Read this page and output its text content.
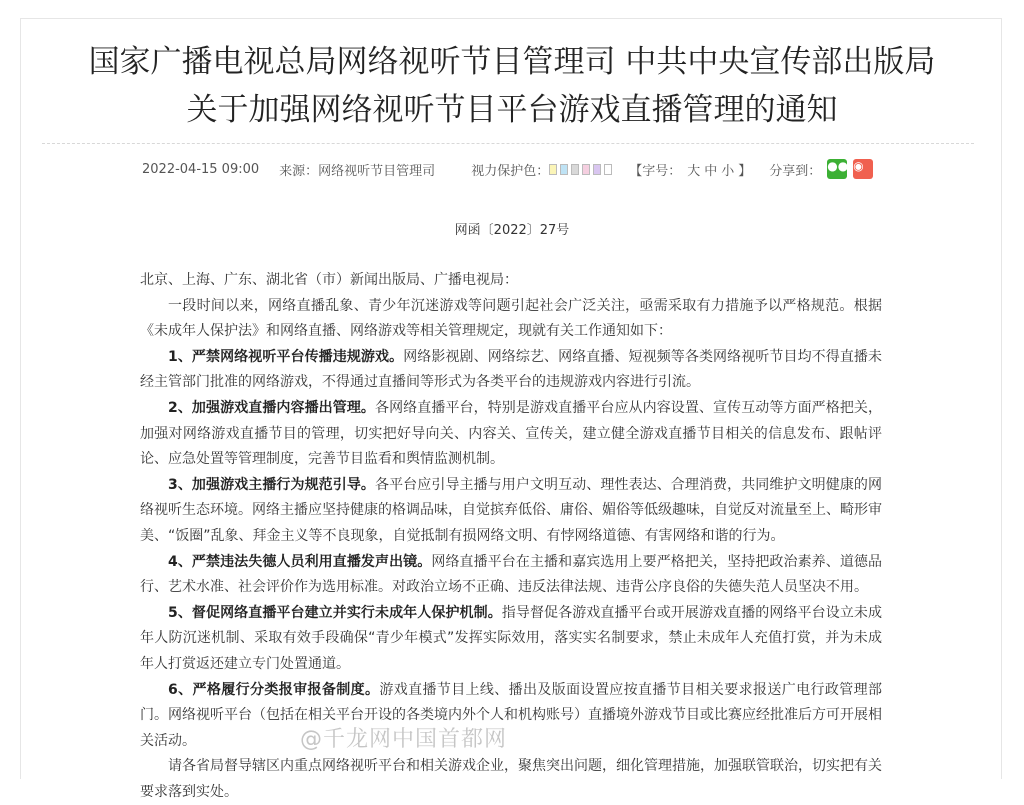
国家广播电视总局网络视听节目管理司 中共中央宣传部出版局
关于加强网络视听节目平台游戏直播管理的通知
2022-04-15 09:00 来源： 网络视听节目管理司	视力保护色：	【字号： 大 中 小 】 分享到： ●● ◉
网函〔2022〕27号

北京、上海、广东、湖北省（市）新闻出版局、广播电视局：

一段时间以来，网络直播乱象、青少年沉迷游戏等问题引起社会广泛关注，亟需采取有力措施予以严格规范。根据《未成年人保护法》和网络直播、网络游戏等相关管理规定，现就有关工作通知如下：

1、严禁网络视听平台传播违规游戏。网络影视剧、网络综艺、网络直播、短视频等各类网络视听节目均不得直播未经主管部门批准的网络游戏，不得通过直播间等形式为各类平台的违规游戏内容进行引流。

2、加强游戏直播内容播出管理。各网络直播平台，特别是游戏直播平台应从内容设置、宣传互动等方面严格把关，加强对网络游戏直播节目的管理，切实把好导向关、内容关、宣传关，建立健全游戏直播节目相关的信息发布、跟帖评论、应急处置等管理制度，完善节目监看和舆情监测机制。

3、加强游戏主播行为规范引导。各平台应引导主播与用户文明互动、理性表达、合理消费，共同维护文明健康的网络视听生态环境。网络主播应坚持健康的格调品味，自觉摈弃低俗、庸俗、媚俗等低级趣味，自觉反对流量至上、畸形审美、“饭圈”乱象、拜金主义等不良现象，自觉抵制有损网络文明、有悖网络道德、有害网络和谐的行为。

4、严禁违法失德人员利用直播发声出镜。网络直播平台在主播和嘉宾选用上要严格把关，坚持把政治素养、道德品行、艺术水准、社会评价作为选用标准。对政治立场不正确、违反法律法规、违背公序良俗的失德失范人员坚决不用。

5、督促网络直播平台建立并实行未成年人保护机制。指导督促各游戏直播平台或开展游戏直播的网络平台设立未成年人防沉迷机制、采取有效手段确保“青少年模式”发挥实际效用，落实实名制要求，禁止未成年人充值打赏，并为未成年人打赏返还建立专门处置通道。

6、严格履行分类报审报备制度。游戏直播节目上线、播出及版面设置应按直播节目相关要求报送广电行政管理部门。网络视听平台（包括在相关平台开设的各类境内外个人和机构账号）直播境外游戏节目或比赛应经批准后方可开展相关活动。

请各省局督导辖区内重点网络视听平台和相关游戏企业，聚焦突出问题，细化管理措施，加强联管联治，切实把有关要求落到实处。

@千龙网中国首都网
